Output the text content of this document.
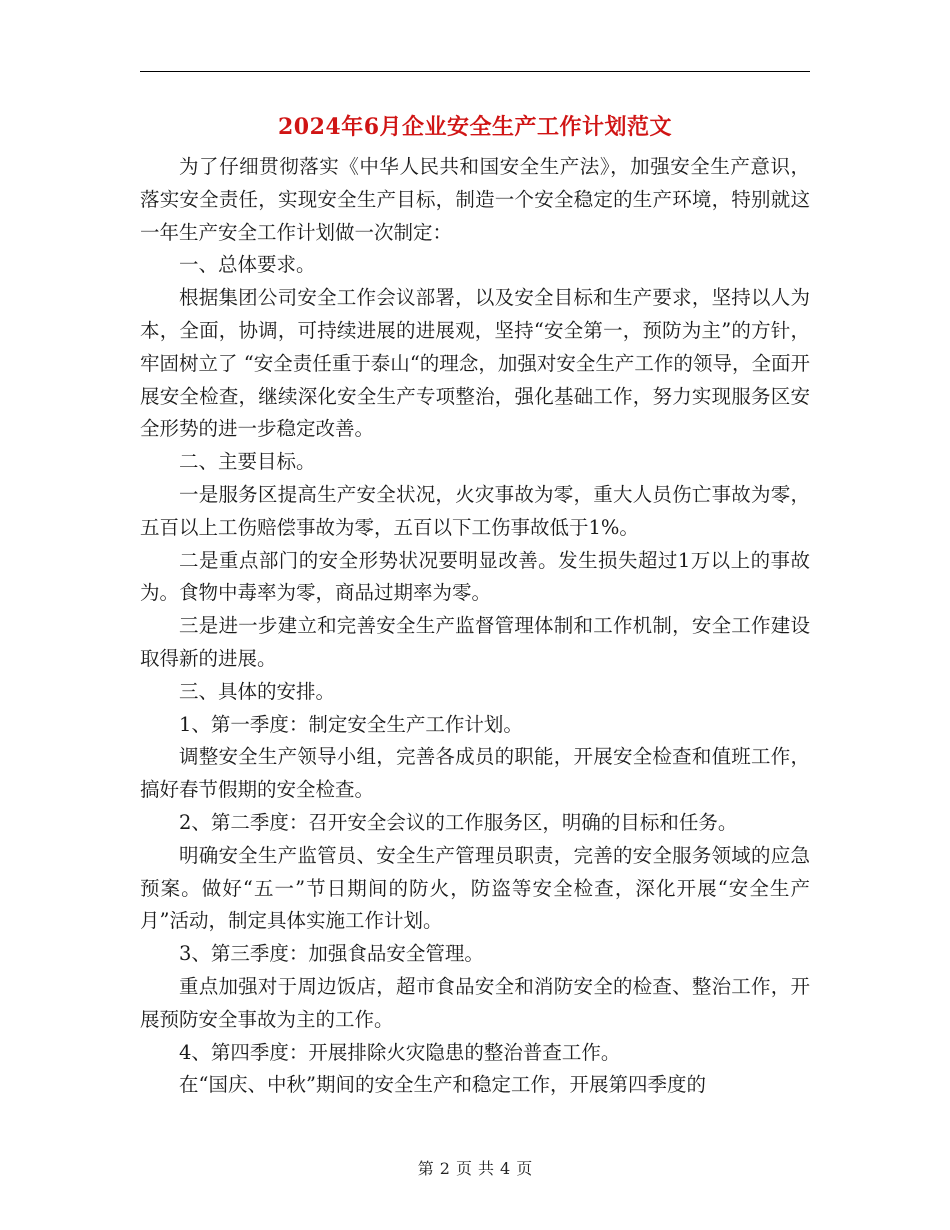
2024年6月企业安全生产工作计划范文

为了仔细贯彻落实《中华人民共和国安全生产法》，加强安全生产意识，落实安全责任，实现安全生产目标，制造一个安全稳定的生产环境，特别就这一年生产安全工作计划做一次制定：

一、总体要求。

根据集团公司安全工作会议部署，以及安全目标和生产要求，坚持以人为本，全面，协调，可持续进展的进展观，坚持“安全第一，预防为主”的方针，牢固树立了 “安全责任重于泰山“的理念，加强对安全生产工作的领导，全面开展安全检查，继续深化安全生产专项整治，强化基础工作，努力实现服务区安全形势的进一步稳定改善。

二、主要目标。

一是服务区提高生产安全状况，火灾事故为零，重大人员伤亡事故为零，五百以上工伤赔偿事故为零，五百以下工伤事故低于1%。

二是重点部门的安全形势状况要明显改善。发生损失超过1万以上的事故为。食物中毒率为零，商品过期率为零。

三是进一步建立和完善安全生产监督管理体制和工作机制，安全工作建设取得新的进展。

三、具体的安排。

1、第一季度：制定安全生产工作计划。

调整安全生产领导小组，完善各成员的职能，开展安全检查和值班工作，搞好春节假期的安全检查。

2、第二季度：召开安全会议的工作服务区，明确的目标和任务。

明确安全生产监管员、安全生产管理员职责，完善的安全服务领域的应急预案。做好“五一”节日期间的防火，防盗等安全检查，深化开展“安全生产月”活动，制定具体实施工作计划。

3、第三季度：加强食品安全管理。

重点加强对于周边饭店，超市食品安全和消防安全的检查、整治工作，开展预防安全事故为主的工作。

4、第四季度：开展排除火灾隐患的整治普查工作。

在“国庆、中秋”期间的安全生产和稳定工作，开展第四季度的

第 2 页 共 4 页
